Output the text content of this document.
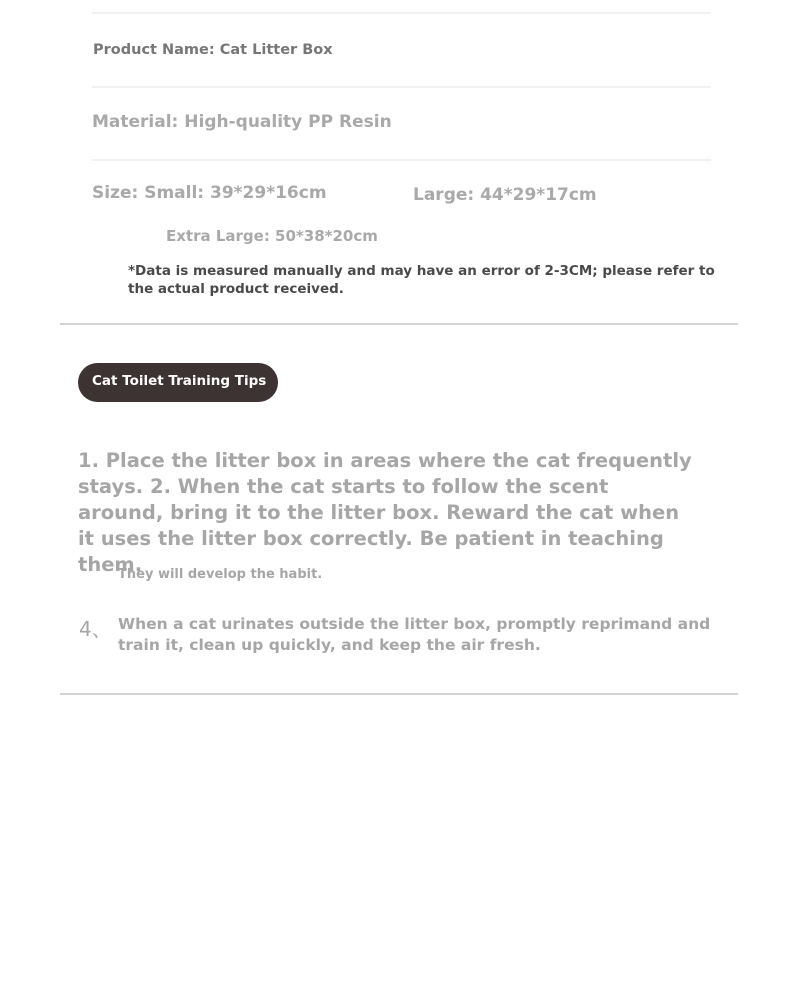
Product Name: Cat Litter Box
Material: High-quality PP Resin
Size: Small: 39*29*16cm	Large: 44*29*17cm
Extra Large: 50*38*20cm
*Data is measured manually and may have an error of 2-3CM; please refer to the actual product received.
Cat Toilet Training Tips
1. Place the litter box in areas where the cat frequently stays. 2. When the cat starts to follow the scent around, bring it to the litter box. Reward the cat when it uses the litter box correctly. Be patient in teaching them.
They will develop the habit.
4、 When a cat urinates outside the litter box, promptly reprimand and train it, clean up quickly, and keep the air fresh.
